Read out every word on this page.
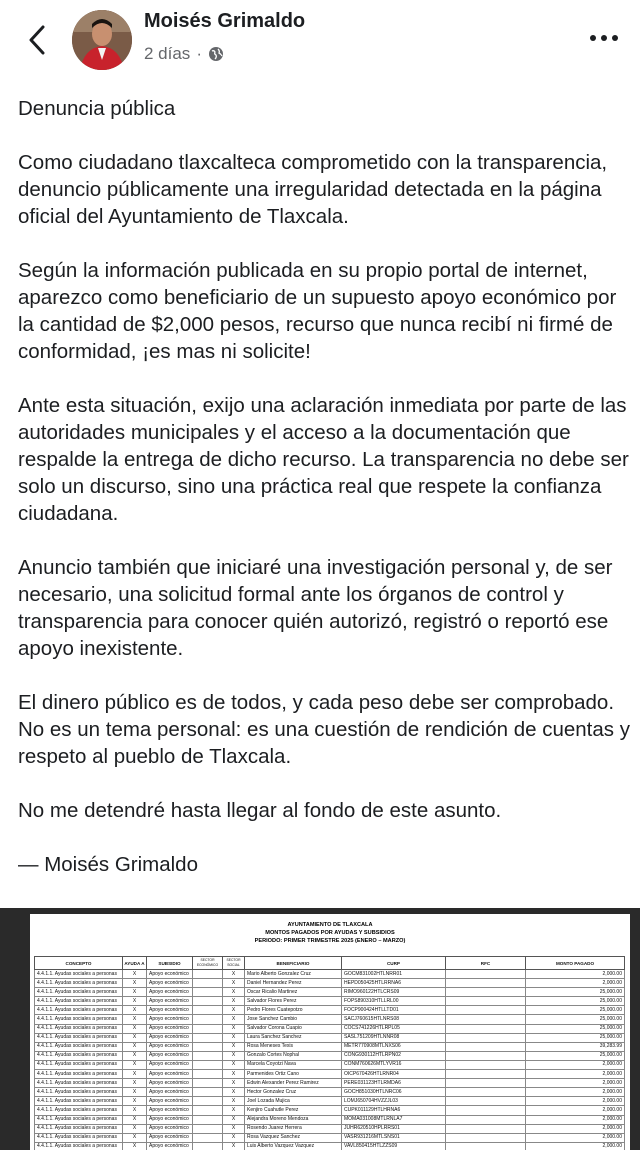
Moisés Grimaldo
2 días ·

Denuncia pública

Como ciudadano tlaxcalteca comprometido con la transparencia, denuncio públicamente una irregularidad detectada en la página oficial del Ayuntamiento de Tlaxcala.

Según la información publicada en su propio portal de internet, aparezco como beneficiario de un supuesto apoyo económico por la cantidad de $2,000 pesos, recurso que nunca recibí ni firmé de conformidad, ¡es mas ni solicite!

Ante esta situación, exijo una aclaración inmediata por parte de las autoridades municipales y el acceso a la documentación que respalde la entrega de dicho recurso. La transparencia no debe ser solo un discurso, sino una práctica real que respete la confianza ciudadana.

Anuncio también que iniciaré una investigación personal y, de ser necesario, una solicitud formal ante los órganos de control y transparencia para conocer quién autorizó, registró o reportó ese apoyo inexistente.

El dinero público es de todos, y cada peso debe ser comprobado. No es un tema personal: es una cuestión de rendición de cuentas y respeto al pueblo de Tlaxcala.

No me detendré hasta llegar al fondo de este asunto.

— Moisés Grimaldo

AYUNTAMIENTO DE TLAXCALA
MONTOS PAGADOS POR AYUDAS Y SUBSIDIOS
PERIODO: PRIMER TRIMESTRE 2025 (ENERO – MARZO)
CONCEPTO	AYUDA A	SUBSIDIO	SECTOR ECONÓMICO	SECTOR SOCIAL	BENEFICIARIO	CURP	RFC	MONTO PAGADO
4.4.1.1. Ayudas sociales a personas	X	Apoyo económico		X	Mario Alberto Gonzalez Cruz	GOCM831002HTLNRR01		2,000.00
4.4.1.1. Ayudas sociales a personas	X	Apoyo económico		X	Daniel Hernandez Perez	HEPD050425HTLRRNA6		2,000.00
4.4.1.1. Ayudas sociales a personas	X	Apoyo económico		X	Oscar Ricalio Martinez	RIMO960122HTLCRS09		25,000.00
4.4.1.1. Ayudas sociales a personas	X	Apoyo económico		X	Salvador Flores Perez	FOPS890310HTLLRL00		25,000.00
4.4.1.1. Ayudas sociales a personas	X	Apoyo económico		X	Pedro Flores Cuatepotzo	FOCP900424HTLLTD01		25,000.00
4.4.1.1. Ayudas sociales a personas	X	Apoyo económico		X	Jose Sanchez Cambio	SACJ760615HTLNRS08		25,000.00
4.4.1.1. Ayudas sociales a personas	X	Apoyo económico		X	Salvador Corona Cuapio	COCS741226HTLRPL05		25,000.00
4.4.1.1. Ayudas sociales a personas	X	Apoyo económico		X	Laura Sanchez Sanchez	SASL751209HTLNNR08		25,000.00
4.4.1.1. Ayudas sociales a personas	X	Apoyo económico		X	Rosa Meneses Texis	METR770908MTLNXS06		39,283.99
4.4.1.1. Ayudas sociales a personas	X	Apoyo económico		X	Gonzalo Cortes Nophal	CONG930112HTLRPN02		25,000.00
4.4.1.1. Ayudas sociales a personas	X	Apoyo económico		X	Marcela Coyotzi Nava	CONM760626MTLYVR16		2,000.00
4.4.1.1. Ayudas sociales a personas	X	Apoyo económico		X	Parmenides Ortiz Cano	OICP670426HTLRNR04		2,000.00
4.4.1.1. Ayudas sociales a personas	X	Apoyo económico		X	Edwin Alexander Perez Ramirez	PERE031123HTLRMDA6		2,000.00
4.4.1.1. Ayudas sociales a personas	X	Apoyo económico		X	Hector Gonzalez Cruz	GOCH851030HTLNRC06		2,000.00
4.4.1.1. Ayudas sociales a personas	X	Apoyo económico		X	Joel Lozada Mujica	LOMJ650704HVZZJL03		2,000.00
4.4.1.1. Ayudas sociales a personas	X	Apoyo económico		X	Kenjiro Cuahutle Perez	CUPK011129HTLHRNA6		2,000.00
4.4.1.1. Ayudas sociales a personas	X	Apoyo económico		X	Alejandra Moreno Mendoza	MOMA031008MTLRNLA7		2,000.00
4.4.1.1. Ayudas sociales a personas	X	Apoyo económico		X	Rosendo Juarez Herrera	JUHR620510HPLRRS01		2,000.00
4.4.1.1. Ayudas sociales a personas	X	Apoyo económico		X	Rosa Vazquez Sanchez	VASR931216MTLSNS01		2,000.00
4.4.1.1. Ayudas sociales a personas	X	Apoyo económico		X	Luis Alberto Vazquez Vazquez	VAVL850415HTLZZS09		2,000.00
